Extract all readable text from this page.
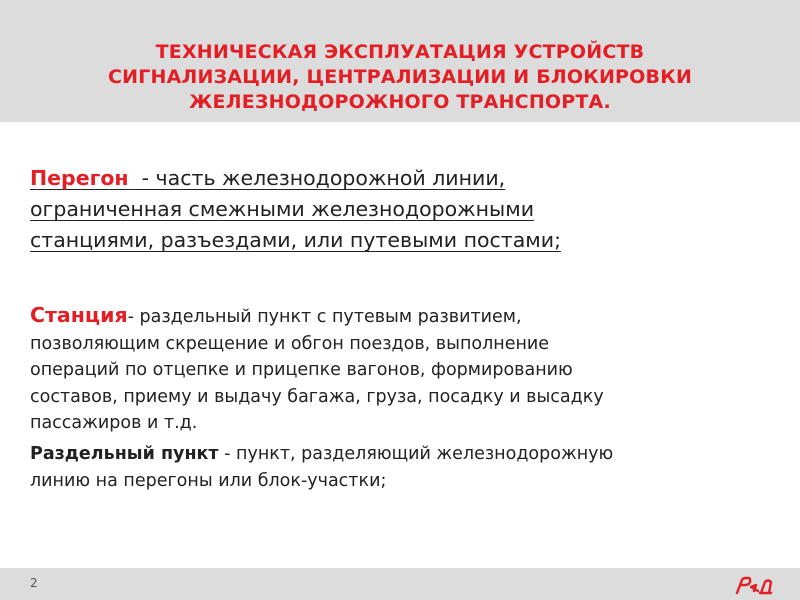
ТЕХНИЧЕСКАЯ ЭКСПЛУАТАЦИЯ УСТРОЙСТВ
СИГНАЛИЗАЦИИ, ЦЕНТРАЛИЗАЦИИ И БЛОКИРОВКИ
ЖЕЛЕЗНОДОРОЖНОГО ТРАНСПОРТА.
Перегон  - часть железнодорожной линии,
ограниченная смежными железнодорожными
станциями, разъездами, или путевыми постами;
Станция- раздельный пункт с путевым развитием,
позволяющим скрещение и обгон поездов, выполнение
операций по отцепке и прицепке вагонов, формированию
составов, приему и выдачу багажа, груза, посадку и высадку
пассажиров и т.д.
Раздельный пункт - пункт, разделяющий железнодорожную
линию на перегоны или блок-участки;
2
